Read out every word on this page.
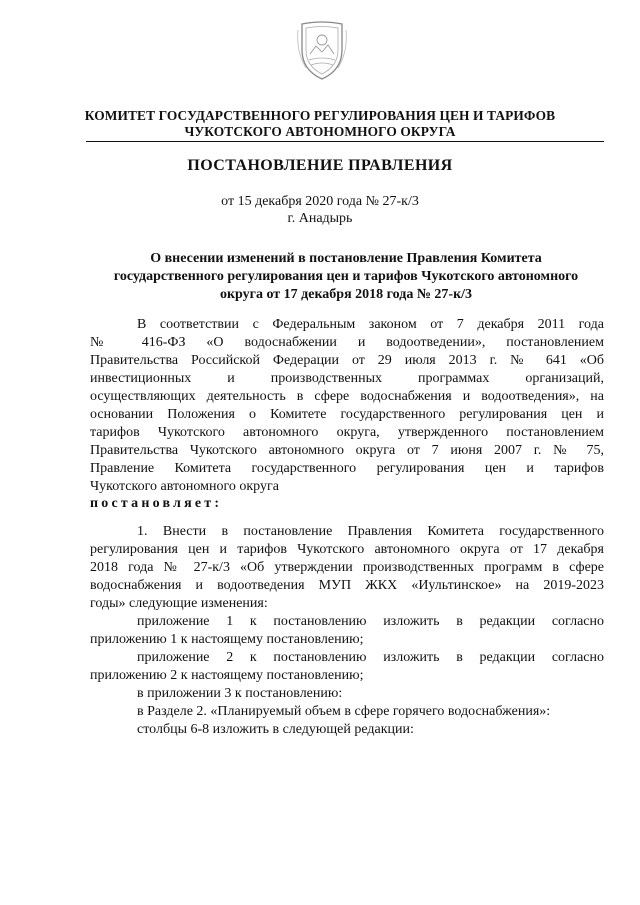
КОМИТЕТ ГОСУДАРСТВЕННОГО РЕГУЛИРОВАНИЯ ЦЕН И ТАРИФОВ
ЧУКОТСКОГО АВТОНОМНОГО ОКРУГА
ПОСТАНОВЛЕНИЕ ПРАВЛЕНИЯ
от 15 декабря 2020 года № 27-к/3
г. Анадырь
О внесении изменений в постановление Правления Комитета
государственного регулирования цен и тарифов Чукотского автономного
округа от 17 декабря 2018 года № 27-к/3
В соответствии с Федеральным законом от 7 декабря 2011 года
№ 416-ФЗ «О водоснабжении и водоотведении», постановлением
Правительства Российской Федерации от 29 июля 2013 г. № 641 «Об
инвестиционных и производственных программах организаций,
осуществляющих деятельность в сфере водоснабжения и водоотведения», на
основании Положения о Комитете государственного регулирования цен и
тарифов Чукотского автономного округа, утвержденного постановлением
Правительства Чукотского автономного округа от 7 июня 2007 г. № 75,
Правление Комитета государственного регулирования цен и тарифов
Чукотского автономного округа
постановляет:
1. Внести в постановление Правления Комитета государственного
регулирования цен и тарифов Чукотского автономного округа от 17 декабря
2018 года № 27-к/3 «Об утверждении производственных программ в сфере
водоснабжения и водоотведения МУП ЖКХ «Иультинское» на 2019-2023
годы» следующие изменения:
приложение 1 к постановлению изложить в редакции согласно
приложению 1 к настоящему постановлению;
приложение 2 к постановлению изложить в редакции согласно
приложению 2 к настоящему постановлению;
в приложении 3 к постановлению:
в Разделе 2. «Планируемый объем в сфере горячего водоснабжения»:
столбцы 6-8 изложить в следующей редакции:
